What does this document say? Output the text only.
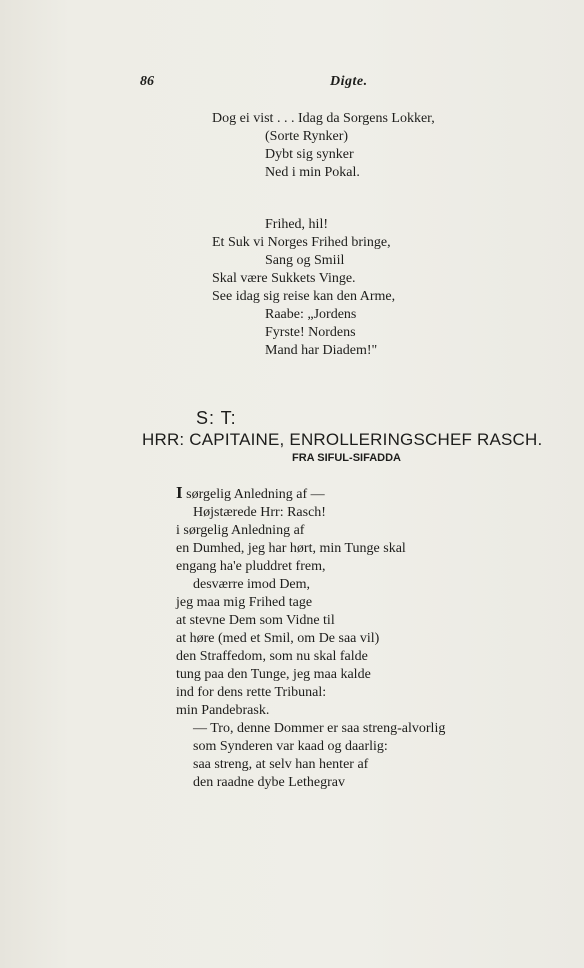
86	Digte.
Dog ei vist . . . Idag da Sorgens Lokker,
(Sorte Rynker)
Dybt sig synker
Ned i min Pokal.
Frihed, hil!
Et Suk vi Norges Frihed bringe,
Sang og Smiil
Skal være Sukkets Vinge.
See idag sig reise kan den Arme,
Raabe: „Jordens
Fyrste! Nordens
Mand har Diadem!"
S: T:
HRR: CAPITAINE, ENROLLERINGSCHEF RASCH.
FRA SIFUL-SIFADDA
I sørgelig Anledning af —
Højstærede Hrr: Rasch!
i sørgelig Anledning af
en Dumhed, jeg har hørt, min Tunge skal
engang ha'e pluddret frem,
desværre imod Dem,
jeg maa mig Frihed tage
at stevne Dem som Vidne til
at høre (med et Smil, om De saa vil)
den Straffedom, som nu skal falde
tung paa den Tunge, jeg maa kalde
ind for dens rette Tribunal:
min Pandebrask.
— Tro, denne Dommer er saa streng-alvorlig
som Synderen var kaad og daarlig:
saa streng, at selv han henter af
den raadne dybe Lethegrav
